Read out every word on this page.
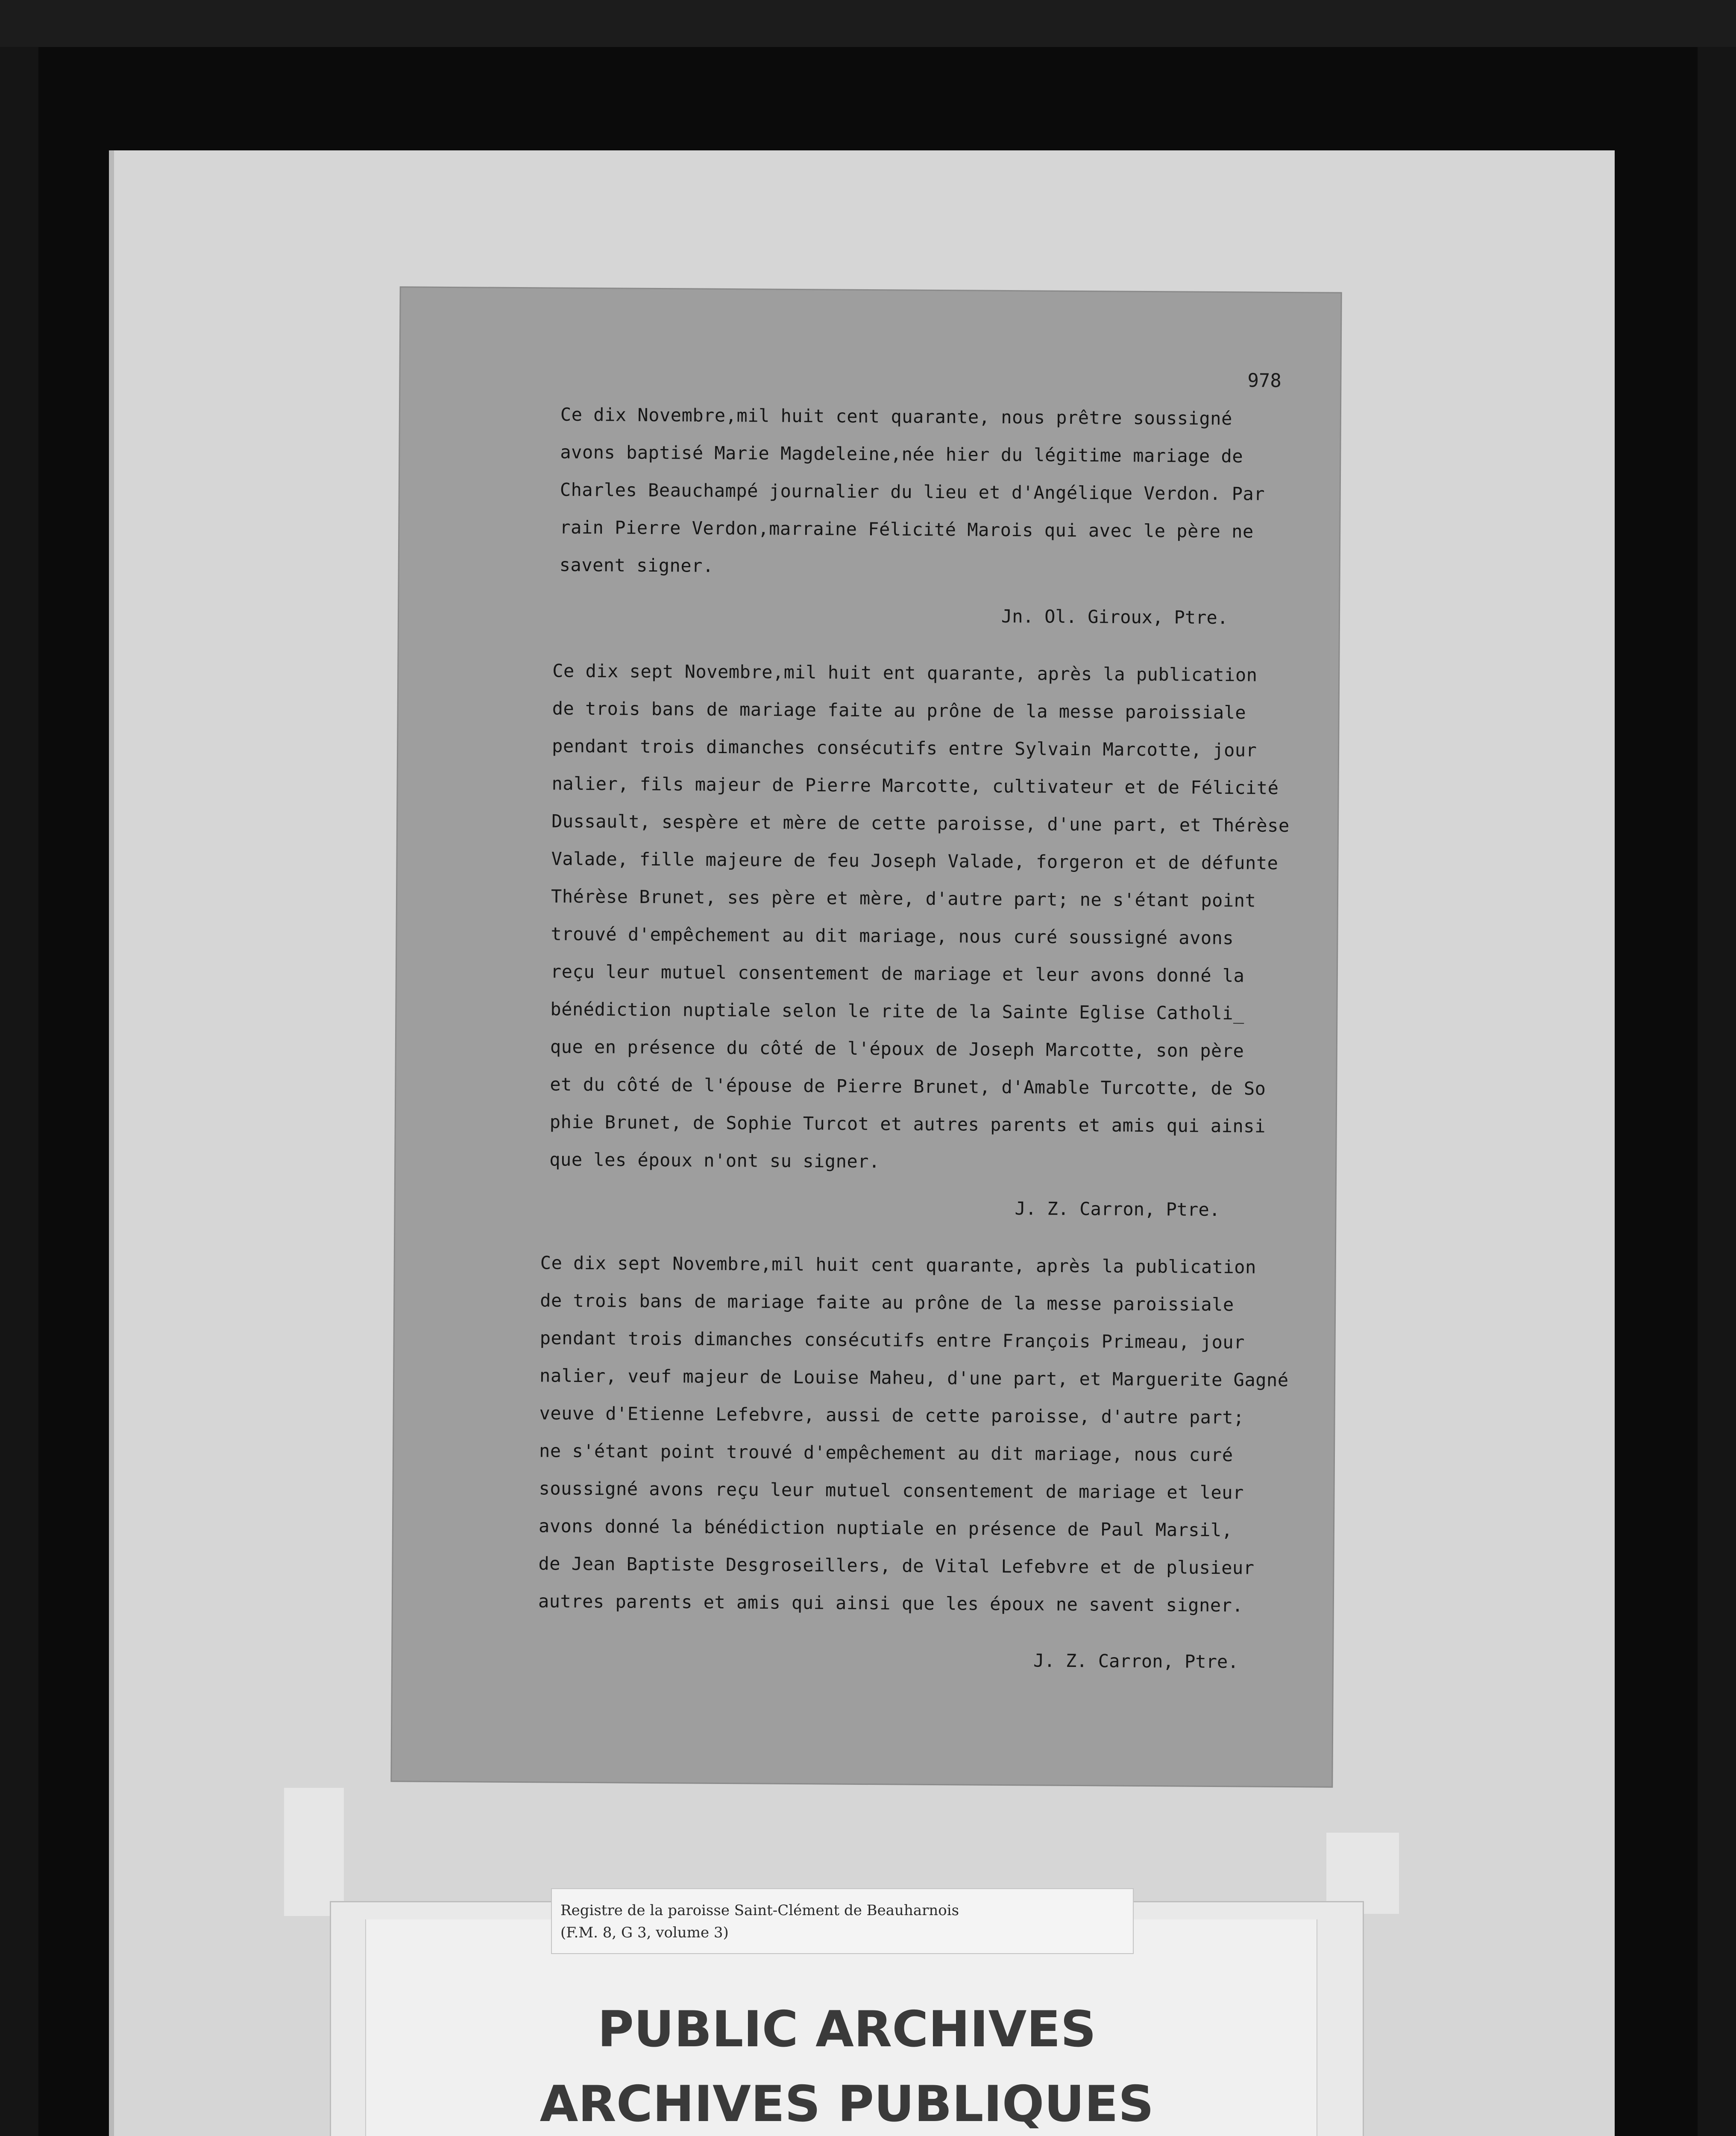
978
Ce dix Novembre,mil huit cent quarante, nous prêtre soussigné
avons baptisé Marie Magdeleine,née hier du légitime mariage de
Charles Beauchampé journalier du lieu et d'Angélique Verdon. Par
rain Pierre Verdon,marraine Félicité Marois qui avec le père ne
savent signer.
Jn. Ol. Giroux, Ptre.
Ce dix sept Novembre,mil huit ent quarante, après la publication
de trois bans de mariage faite au prône de la messe paroissiale
pendant trois dimanches consécutifs entre Sylvain Marcotte, jour
nalier, fils majeur de Pierre Marcotte, cultivateur et de Félicité
Dussault, sespère et mère de cette paroisse, d'une part, et Thérèse
Valade, fille majeure de feu Joseph Valade, forgeron et de défunte
Thérèse Brunet, ses père et mère, d'autre part; ne s'étant point
trouvé d'empêchement au dit mariage, nous curé soussigné avons
reçu leur mutuel consentement de mariage et leur avons donné la
bénédiction nuptiale selon le rite de la Sainte Eglise Catholi_
que en présence du côté de l'époux de Joseph Marcotte, son père
et du côté de l'épouse de Pierre Brunet, d'Amable Turcotte, de So
phie Brunet, de Sophie Turcot et autres parents et amis qui ainsi
que les époux n'ont su signer.
J. Z. Carron, Ptre.
Ce dix sept Novembre,mil huit cent quarante, après la publication
de trois bans de mariage faite au prône de la messe paroissiale
pendant trois dimanches consécutifs entre François Primeau, jour
nalier, veuf majeur de Louise Maheu, d'une part, et Marguerite Gagné
veuve d'Etienne Lefebvre, aussi de cette paroisse, d'autre part;
ne s'étant point trouvé d'empêchement au dit mariage, nous curé
soussigné avons reçu leur mutuel consentement de mariage et leur
avons donné la bénédiction nuptiale en présence de Paul Marsil,
de Jean Baptiste Desgroseillers, de Vital Lefebvre et de plusieur
autres parents et amis qui ainsi que les époux ne savent signer.
J. Z. Carron, Ptre.
PUBLIC ARCHIVES
ARCHIVES PUBLIQUES
Registre de la paroisse Saint-Clément de Beauharnois
(F.M. 8, G 3, volume 3)
